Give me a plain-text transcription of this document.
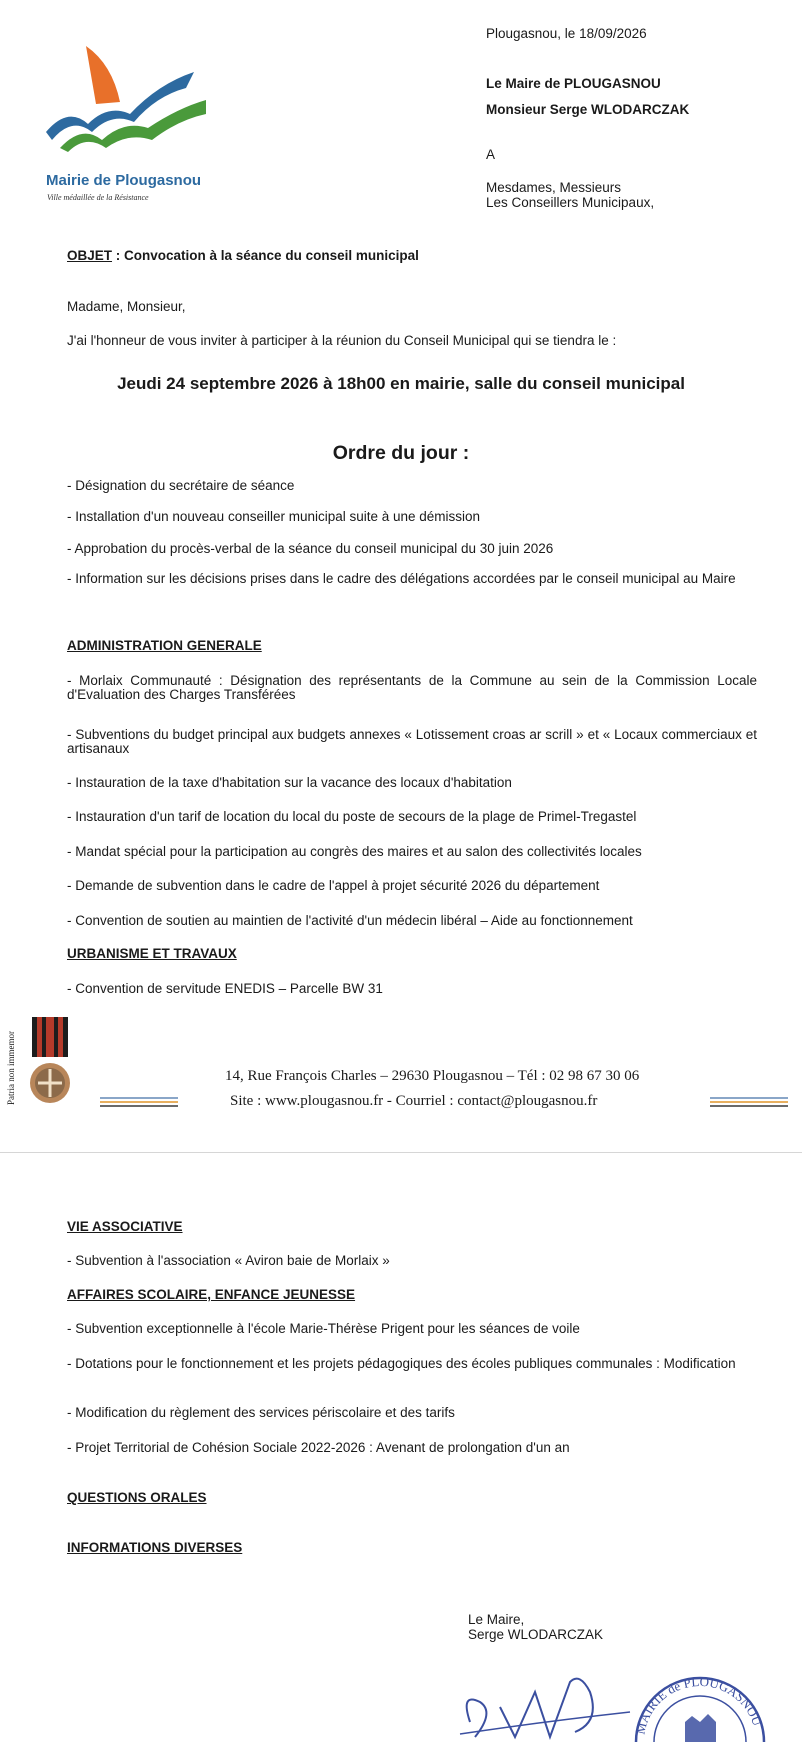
Mairie de Plougasnou
Ville médaillée de la Résistance
Plougasnou, le 18/09/2026
Le Maire de PLOUGASNOU
Monsieur Serge WLODARCZAK
A
Mesdames, Messieurs
Les Conseillers Municipaux,
OBJET : Convocation à la séance du conseil municipal
Madame, Monsieur,
J'ai l'honneur de vous inviter à participer à la réunion du Conseil Municipal qui se tiendra le :
Jeudi 24 septembre 2026 à 18h00 en mairie, salle du conseil municipal
Ordre du jour :
- Désignation du secrétaire de séance
- Installation d'un nouveau conseiller municipal suite à une démission
- Approbation du procès-verbal de la séance du conseil municipal du 30 juin 2026
- Information sur les décisions prises dans le cadre des délégations accordées par le conseil municipal au Maire
ADMINISTRATION GENERALE
- Morlaix Communauté : Désignation des représentants de la Commune au sein de la Commission Locale d'Evaluation des Charges Transférées
- Subventions du budget principal aux budgets annexes « Lotissement croas ar scrill » et « Locaux commerciaux et artisanaux
- Instauration de la taxe d'habitation sur la vacance des locaux d'habitation
- Instauration d'un tarif de location du local du poste de secours de la plage de Primel-Tregastel
- Mandat spécial pour la participation au congrès des maires et au salon des collectivités locales
- Demande de subvention dans le cadre de l'appel à projet sécurité 2026 du département
- Convention de soutien au maintien de l'activité d'un médecin libéral – Aide au fonctionnement
URBANISME ET TRAVAUX
- Convention de servitude ENEDIS – Parcelle BW 31
Patria non immemor	14, Rue François Charles – 29630 Plougasnou – Tél : 02 98 67 30 06
Site : www.plougasnou.fr - Courriel : contact@plougasnou.fr
VIE ASSOCIATIVE
- Subvention à l'association « Aviron baie de Morlaix »
AFFAIRES SCOLAIRE, ENFANCE JEUNESSE
- Subvention exceptionnelle à l'école Marie-Thérèse Prigent pour les séances de voile
- Dotations pour le fonctionnement et les projets pédagogiques des écoles publiques communales : Modification
- Modification du règlement des services périscolaire et des tarifs
- Projet Territorial de Cohésion Sociale 2022-2026 : Avenant de prolongation d'un an
QUESTIONS ORALES
INFORMATIONS DIVERSES
Le Maire,
Serge WLODARCZAK
MAIRIE de PLOUGASNOU
